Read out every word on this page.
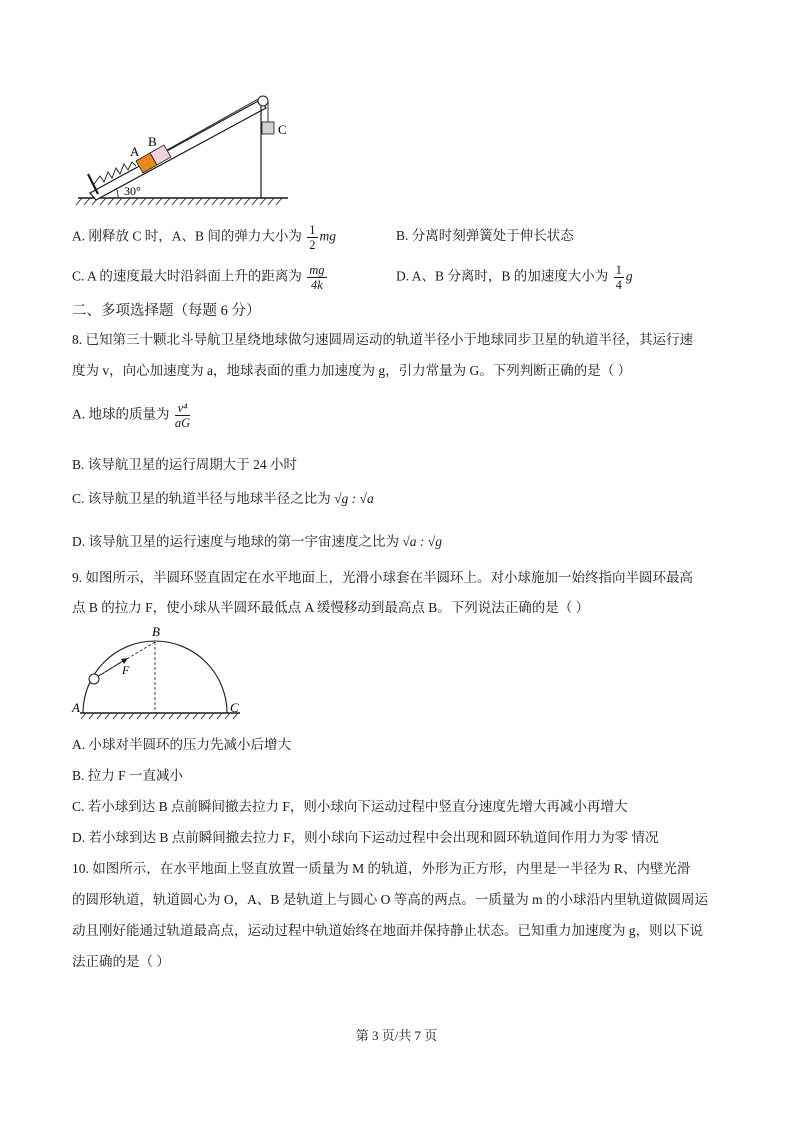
A
B
C
30°
A. 刚释放 C 时，A、B 间的弹力大小为 $\frac{1}{2}$ mg	B. 分离时刻弹簧处于伸长状态
C. A 的速度最大时沿斜面上升的距离为 $\frac{mg}{4k}$	D. A、B 分离时，B 的加速度大小为 $\frac{1}{4}$ g
二、多项选择题（每题 6 分）
8. 已知第三十颗北斗导航卫星绕地球做匀速圆周运动的轨道半径小于地球同步卫星的轨道半径，其运行速
度为 v，向心加速度为 a，地球表面的重力加速度为 g，引力常量为 G。下列判断正确的是（ ）
A. 地球的质量为 $\frac{\text{v⁴}}{aG}$
B. 该导航卫星的运行周期大于 24 小时
C. 该导航卫星的轨道半径与地球半径之比为 √g : √a
D. 该导航卫星的运行速度与地球的第一宇宙速度之比为 √a : √g
9. 如图所示，半圆环竖直固定在水平地面上，光滑小球套在半圆环上。对小球施加一始终指向半圆环最高
点 B 的拉力 F，使小球从半圆环最低点 A 缓慢移动到最高点 B。下列说法正确的是（ ）
A
B
C
F
A. 小球对半圆环的压力先减小后增大
B. 拉力 F 一直减小
C. 若小球到达 B 点前瞬间撤去拉力 F，则小球向下运动过程中竖直分速度先增大再减小再增大
D. 若小球到达 B 点前瞬间撤去拉力 F，则小球向下运动过程中会出现和圆环轨道间作用力为零 情况
10. 如图所示，在水平地面上竖直放置一质量为 M 的轨道，外形为正方形，内里是一半径为 R、内壁光滑
的圆形轨道，轨道圆心为 O，A、B 是轨道上与圆心 O 等高的两点。一质量为 m 的小球沿内里轨道做圆周运
动且刚好能通过轨道最高点，运动过程中轨道始终在地面并保持静止状态。已知重力加速度为 g，则以下说
法正确的是（ ）
第 3 页/共 7 页
